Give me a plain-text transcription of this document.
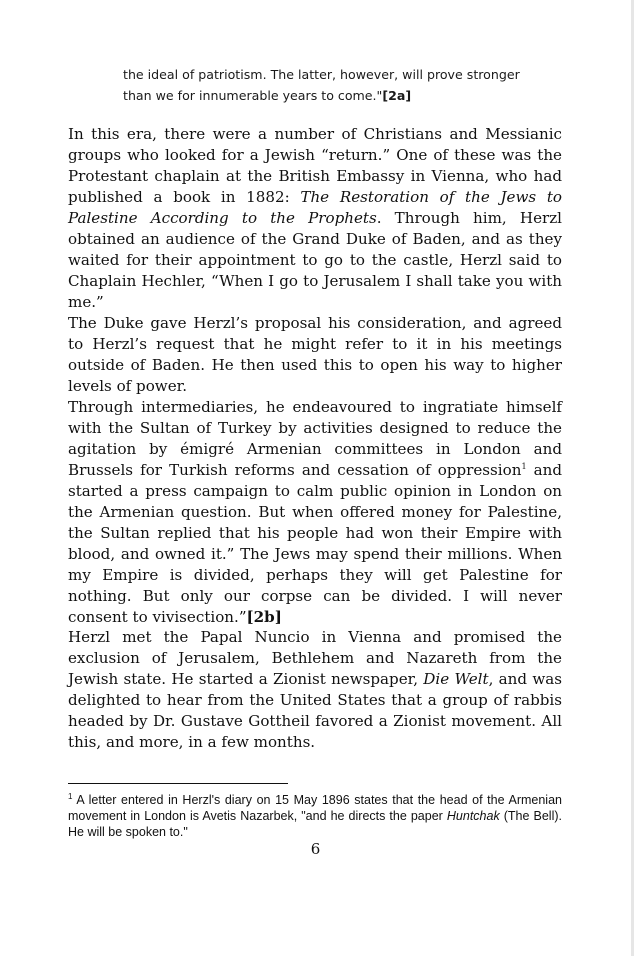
the ideal of patriotism. The latter, however, will prove stronger
than we for innumerable years to come."[2a]

In this era, there were a number of Christians and Messianic groups who looked for a Jewish “return.” One of these was the Protestant chaplain at the British Embassy in Vienna, who had published a book in 1882: The Restoration of the Jews to Palestine According to the Prophets. Through him, Herzl obtained an audience of the Grand Duke of Baden, and as they waited for their appointment to go to the castle, Herzl said to Chaplain Hechler, “When I go to Jerusalem I shall take you with me.”

The Duke gave Herzl’s proposal his consideration, and agreed to Herzl’s request that he might refer to it in his meetings outside of Baden. He then used this to open his way to higher levels of power.

Through intermediaries, he endeavoured to ingratiate himself with the Sultan of Turkey by activities designed to reduce the agitation by émigré Armenian committees in London and Brussels for Turkish reforms and cessation of oppression$^1$ and started a press campaign to calm public opinion in London on the Armenian question. But when offered money for Palestine, the Sultan replied that his people had won their Empire with blood, and owned it.” The Jews may spend their millions. When my Empire is divided, perhaps they will get Palestine for nothing. But only our corpse can be divided. I will never consent to vivisection.”[2b]

Herzl met the Papal Nuncio in Vienna and promised the exclusion of Jerusalem, Bethlehem and Nazareth from the Jewish state. He started a Zionist newspaper, Die Welt, and was delighted to hear from the United States that a group of rabbis headed by Dr. Gustave Gottheil favored a Zionist movement. All this, and more, in a few months.

$^1$ A letter entered in Herzl's diary on 15 May 1896 states that the head of the Armenian movement in London is Avetis Nazarbek, "and he directs the paper Huntchak (The Bell). He will be spoken to."
6
